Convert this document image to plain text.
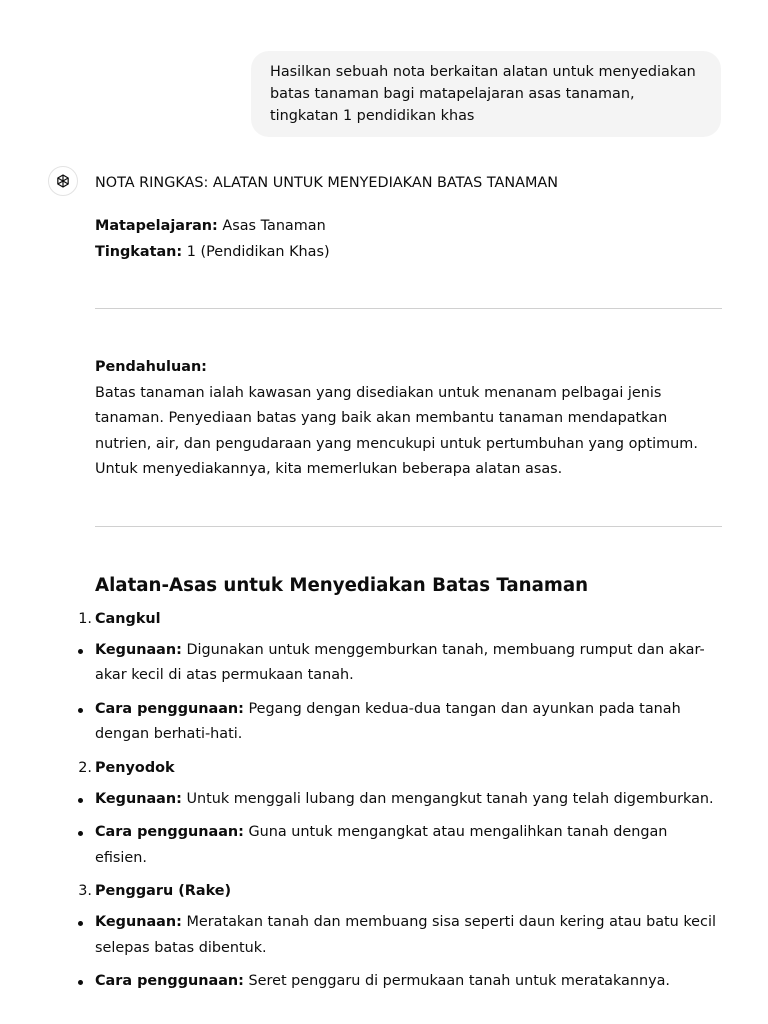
Hasilkan sebuah nota berkaitan alatan untuk menyediakan batas tanaman bagi matapelajaran asas tanaman, tingkatan 1 pendidikan khas

NOTA RINGKAS: ALATAN UNTUK MENYEDIAKAN BATAS TANAMAN

Matapelajaran: Asas Tanaman
Tingkatan: 1 (Pendidikan Khas)
Pendahuluan:
Batas tanaman ialah kawasan yang disediakan untuk menanam pelbagai jenis tanaman. Penyediaan batas yang baik akan membantu tanaman mendapatkan nutrien, air, dan pengudaraan yang mencukupi untuk pertumbuhan yang optimum. Untuk menyediakannya, kita memerlukan beberapa alatan asas.
Alatan-Asas untuk Menyediakan Batas Tanaman
1. Cangkul
Kegunaan: Digunakan untuk menggemburkan tanah, membuang rumput dan akar-akar kecil di atas permukaan tanah.
Cara penggunaan: Pegang dengan kedua-dua tangan dan ayunkan pada tanah dengan berhati-hati.
2. Penyodok
Kegunaan: Untuk menggali lubang dan mengangkut tanah yang telah digemburkan.
Cara penggunaan: Guna untuk mengangkat atau mengalihkan tanah dengan efisien.
3. Penggaru (Rake)
Kegunaan: Meratakan tanah dan membuang sisa seperti daun kering atau batu kecil selepas batas dibentuk.
Cara penggunaan: Seret penggaru di permukaan tanah untuk meratakannya.
